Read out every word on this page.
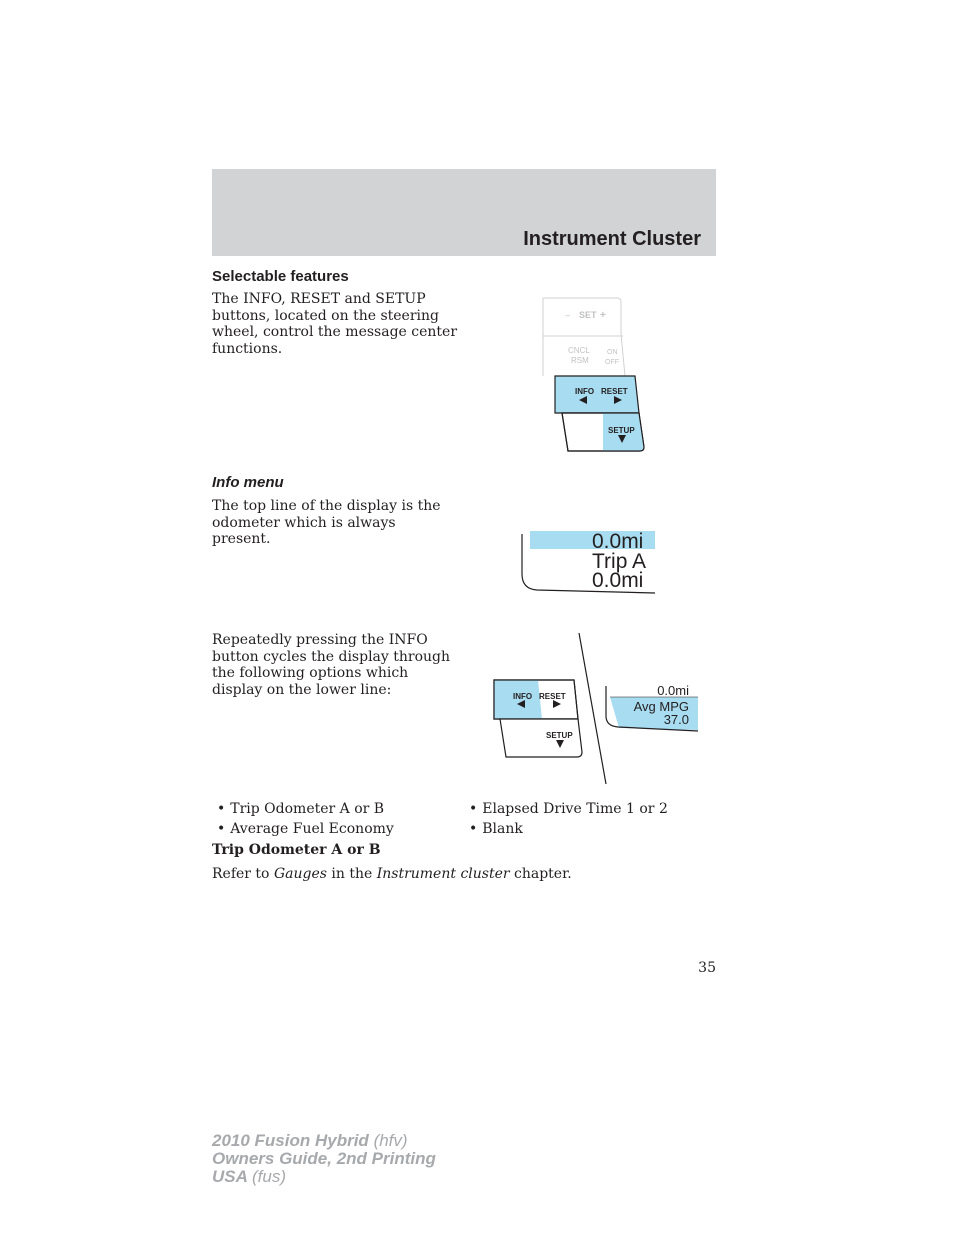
Instrument Cluster
Selectable features
The INFO, RESET and SETUP buttons, located on the steering wheel, control the message center functions.
– SET +
CNCL
RSM
ON
OFF
INFO RESET
SETUP
Info menu
The top line of the display is the odometer which is always present.	0.0mi
Trip A
0.0mi
Repeatedly pressing the INFO button cycles the display through the following options which display on the lower line:	INFO RESET
SETUP
0.0mi
Avg MPG
37.0
• Trip Odometer A or B
• Average Fuel Economy
• Elapsed Drive Time 1 or 2
• Blank
Trip Odometer A or B
Refer to Gauges in the Instrument cluster chapter.
35
2010 Fusion Hybrid (hfv)
Owners Guide, 2nd Printing
USA (fus)
